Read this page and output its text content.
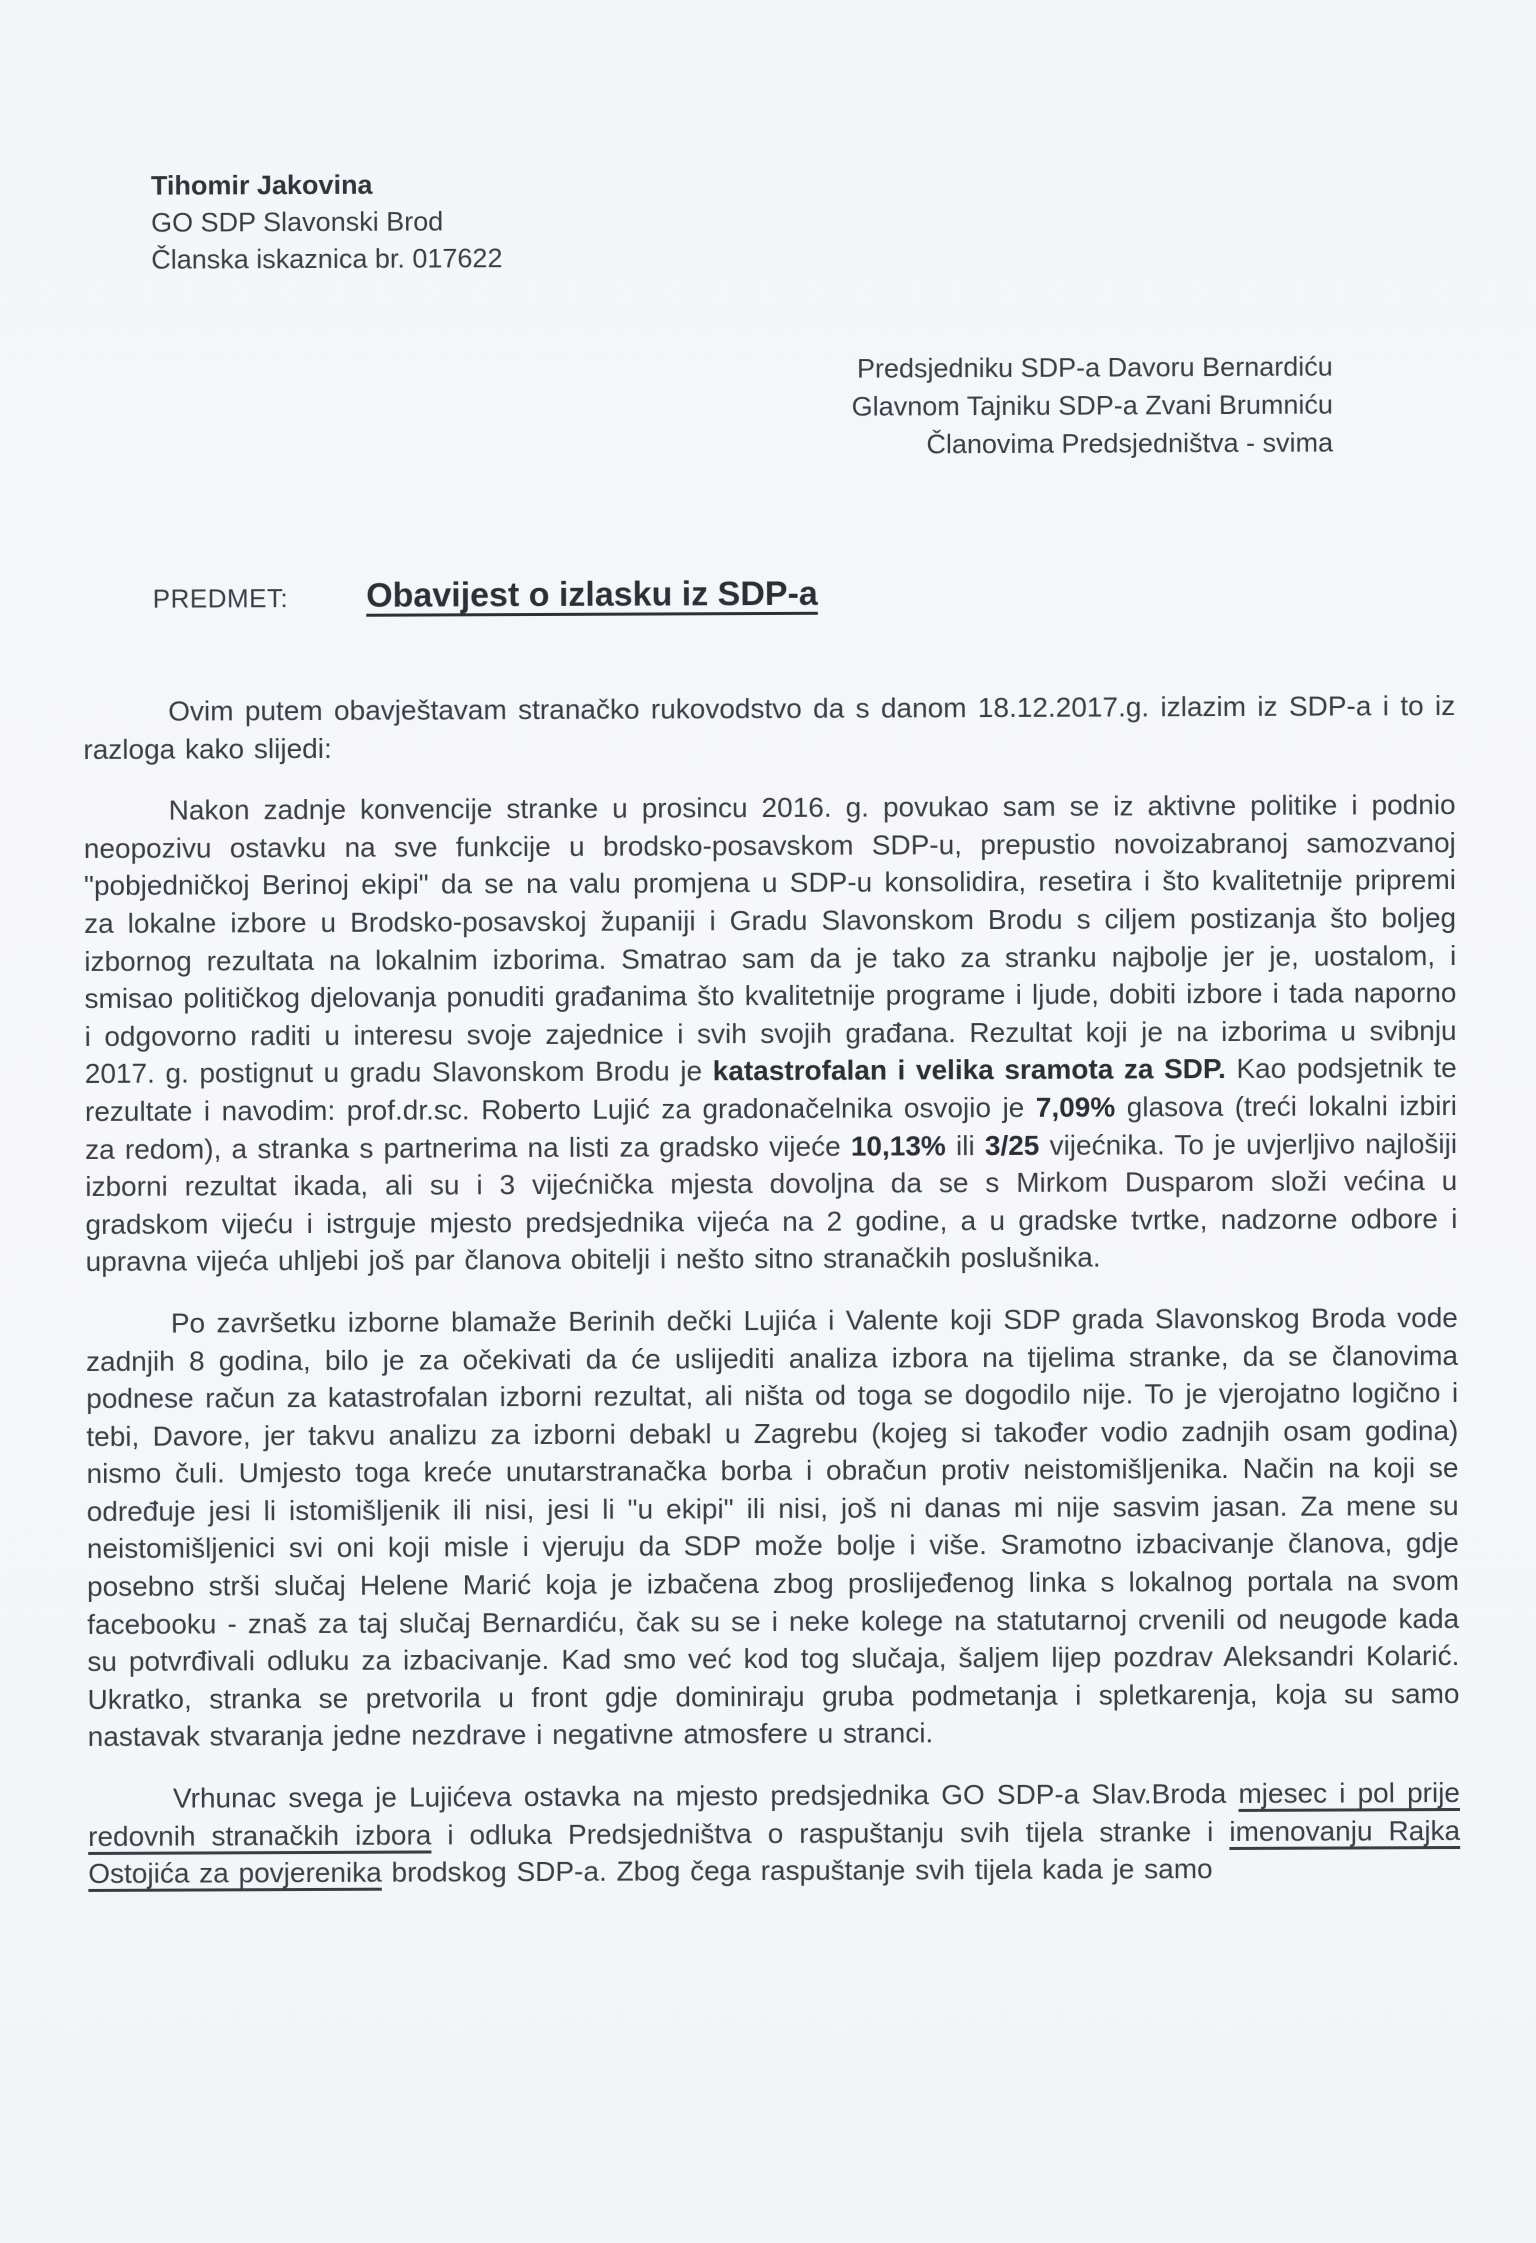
Tihomir Jakovina
GO SDP Slavonski Brod
Članska iskaznica br. 017622
Predsjedniku SDP-a Davoru Bernardiću
Glavnom Tajniku SDP-a Zvani Brumniću
Članovima Predsjedništva - svima
PREDMET: Obavijest o izlasku iz SDP-a

Ovim putem obavještavam stranačko rukovodstvo da s danom 18.12.2017.g. izlazim iz SDP-a i to iz razloga kako slijedi:

Nakon zadnje konvencije stranke u prosincu 2016. g. povukao sam se iz aktivne politike i podnio neopozivu ostavku na sve funkcije u brodsko-posavskom SDP-u, prepustio novoizabranoj samozvanoj "pobjedničkoj Berinoj ekipi" da se na valu promjena u SDP-u konsolidira, resetira i što kvalitetnije pripremi za lokalne izbore u Brodsko-posavskoj županiji i Gradu Slavonskom Brodu s ciljem postizanja što boljeg izbornog rezultata na lokalnim izborima. Smatrao sam da je tako za stranku najbolje jer je, uostalom, i smisao političkog djelovanja ponuditi građanima što kvalitetnije programe i ljude, dobiti izbore i tada naporno i odgovorno raditi u interesu svoje zajednice i svih svojih građana. Rezultat koji je na izborima u svibnju 2017. g. postignut u gradu Slavonskom Brodu je katastrofalan i velika sramota za SDP. Kao podsjetnik te rezultate i navodim: prof.dr.sc. Roberto Lujić za gradonačelnika osvojio je 7,09% glasova (treći lokalni izbiri za redom), a stranka s partnerima na listi za gradsko vijeće 10,13% ili 3/25 vijećnika. To je uvjerljivo najlošiji izborni rezultat ikada, ali su i 3 vijećnička mjesta dovoljna da se s Mirkom Dusparom složi većina u gradskom vijeću i istrguje mjesto predsjednika vijeća na 2 godine, a u gradske tvrtke, nadzorne odbore i upravna vijeća uhljebi još par članova obitelji i nešto sitno stranačkih poslušnika.

Po završetku izborne blamaže Berinih dečki Lujića i Valente koji SDP grada Slavonskog Broda vode zadnjih 8 godina, bilo je za očekivati da će uslijediti analiza izbora na tijelima stranke, da se članovima podnese račun za katastrofalan izborni rezultat, ali ništa od toga se dogodilo nije. To je vjerojatno logično i tebi, Davore, jer takvu analizu za izborni debakl u Zagrebu (kojeg si također vodio zadnjih osam godina) nismo čuli. Umjesto toga kreće unutarstranačka borba i obračun protiv neistomišljenika. Način na koji se određuje jesi li istomišljenik ili nisi, jesi li "u ekipi" ili nisi, još ni danas mi nije sasvim jasan. Za mene su neistomišljenici svi oni koji misle i vjeruju da SDP može bolje i više. Sramotno izbacivanje članova, gdje posebno strši slučaj Helene Marić koja je izbačena zbog proslijeđenog linka s lokalnog portala na svom facebooku - znaš za taj slučaj Bernardiću, čak su se i neke kolege na statutarnoj crvenili od neugode kada su potvrđivali odluku za izbacivanje. Kad smo već kod tog slučaja, šaljem lijep pozdrav Aleksandri Kolarić. Ukratko, stranka se pretvorila u front gdje dominiraju gruba podmetanja i spletkarenja, koja su samo nastavak stvaranja jedne nezdrave i negativne atmosfere u stranci.

Vrhunac svega je Lujićeva ostavka na mjesto predsjednika GO SDP-a Slav.Broda mjesec i pol prije redovnih stranačkih izbora i odluka Predsjedništva o raspuštanju svih tijela stranke i imenovanju Rajka Ostojića za povjerenika brodskog SDP-a. Zbog čega raspuštanje svih tijela kada je samo
